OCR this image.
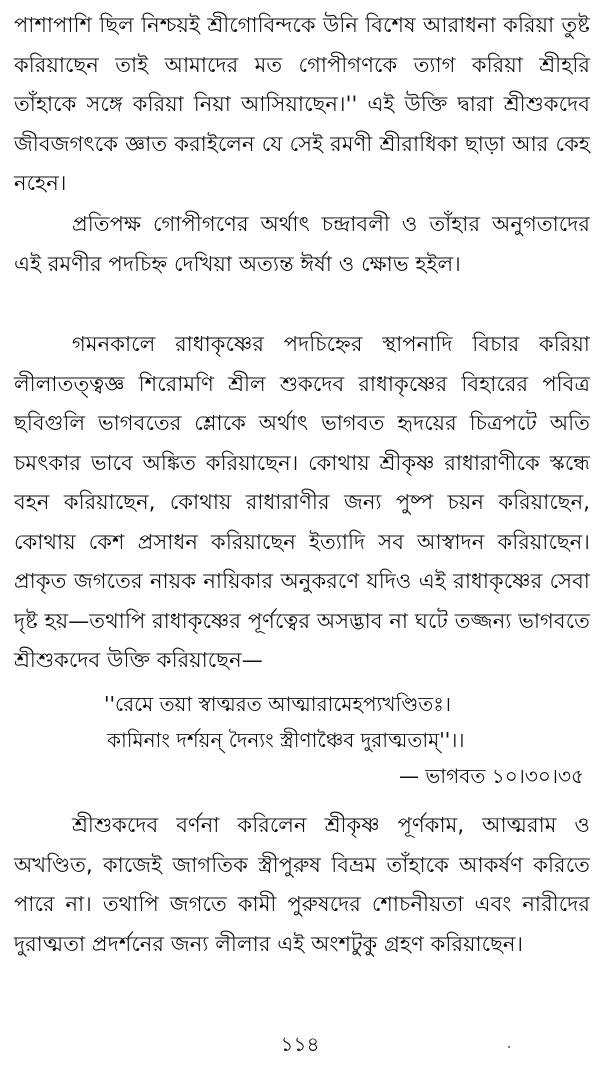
পাশাপাশি ছিল নিশ্চয়ই শ্রীগোবিন্দকে উনি বিশেষ আরাধনা করিয়া তুষ্ট করিয়াছেন তাই আমাদের মত গোপীগণকে ত্যাগ করিয়া শ্রীহরি তাঁহাকে সঙ্গে করিয়া নিয়া আসিয়াছেন।'' এই উক্তি দ্বারা শ্রীশুকদেব জীবজগৎকে জ্ঞাত করাইলেন যে সেই রমণী শ্রীরাধিকা ছাড়া আর কেহ নহেন।

প্রতিপক্ষ গোপীগণের অর্থাৎ চন্দ্রাবলী ও তাঁহার অনুগতাদের এই রমণীর পদচিহ্ন দেখিয়া অত্যন্ত ঈর্ষা ও ক্ষোভ হইল।

গমনকালে রাধাকৃষ্ণের পদচিহ্নের স্থাপনাদি বিচার করিয়া লীলাতত্ত্বজ্ঞ শিরোমণি শ্রীল শুকদেব রাধাকৃষ্ণের বিহারের পবিত্র ছবিগুলি ভাগবতের শ্লোকে অর্থাৎ ভাগবত হৃদয়ের চিত্রপটে অতি চমৎকার ভাবে অঙ্কিত করিয়াছেন। কোথায় শ্রীকৃষ্ণ রাধারাণীকে স্কন্ধে বহন করিয়াছেন, কোথায় রাধারাণীর জন্য পুষ্প চয়ন করিয়াছেন, কোথায় কেশ প্রসাধন করিয়াছেন ইত্যাদি সব আস্বাদন করিয়াছেন। প্রাকৃত জগতের নায়ক নায়িকার অনুকরণে যদিও এই রাধাকৃষ্ণের সেবা দৃষ্ট হয়—তথাপি রাধাকৃষ্ণের পূর্ণত্বের অসদ্ভাব না ঘটে তজ্জন্য ভাগবতে শ্রীশুকদেব উক্তি করিয়াছেন—

''রেমে তয়া স্বাত্মরত আত্মারামেহপ্যখণ্ডিতঃ।

কামিনাং দর্শয়ন্ দৈন্যং স্ত্রীণাঞ্চৈব দুরাত্মতাম্''।।

— ভাগবত ১০।৩০।৩৫

শ্রীশুকদেব বর্ণনা করিলেন শ্রীকৃষ্ণ পূর্ণকাম, আত্মরাম ও অখণ্ডিত, কাজেই জাগতিক স্ত্রীপুরুষ বিভ্রম তাঁহাকে আকর্ষণ করিতে পারে না। তথাপি জগতে কামী পুরুষদের শোচনীয়তা এবং নারীদের দুরাত্মতা প্রদর্শনের জন্য লীলার এই অংশটুকু গ্রহণ করিয়াছেন।

১১৪
